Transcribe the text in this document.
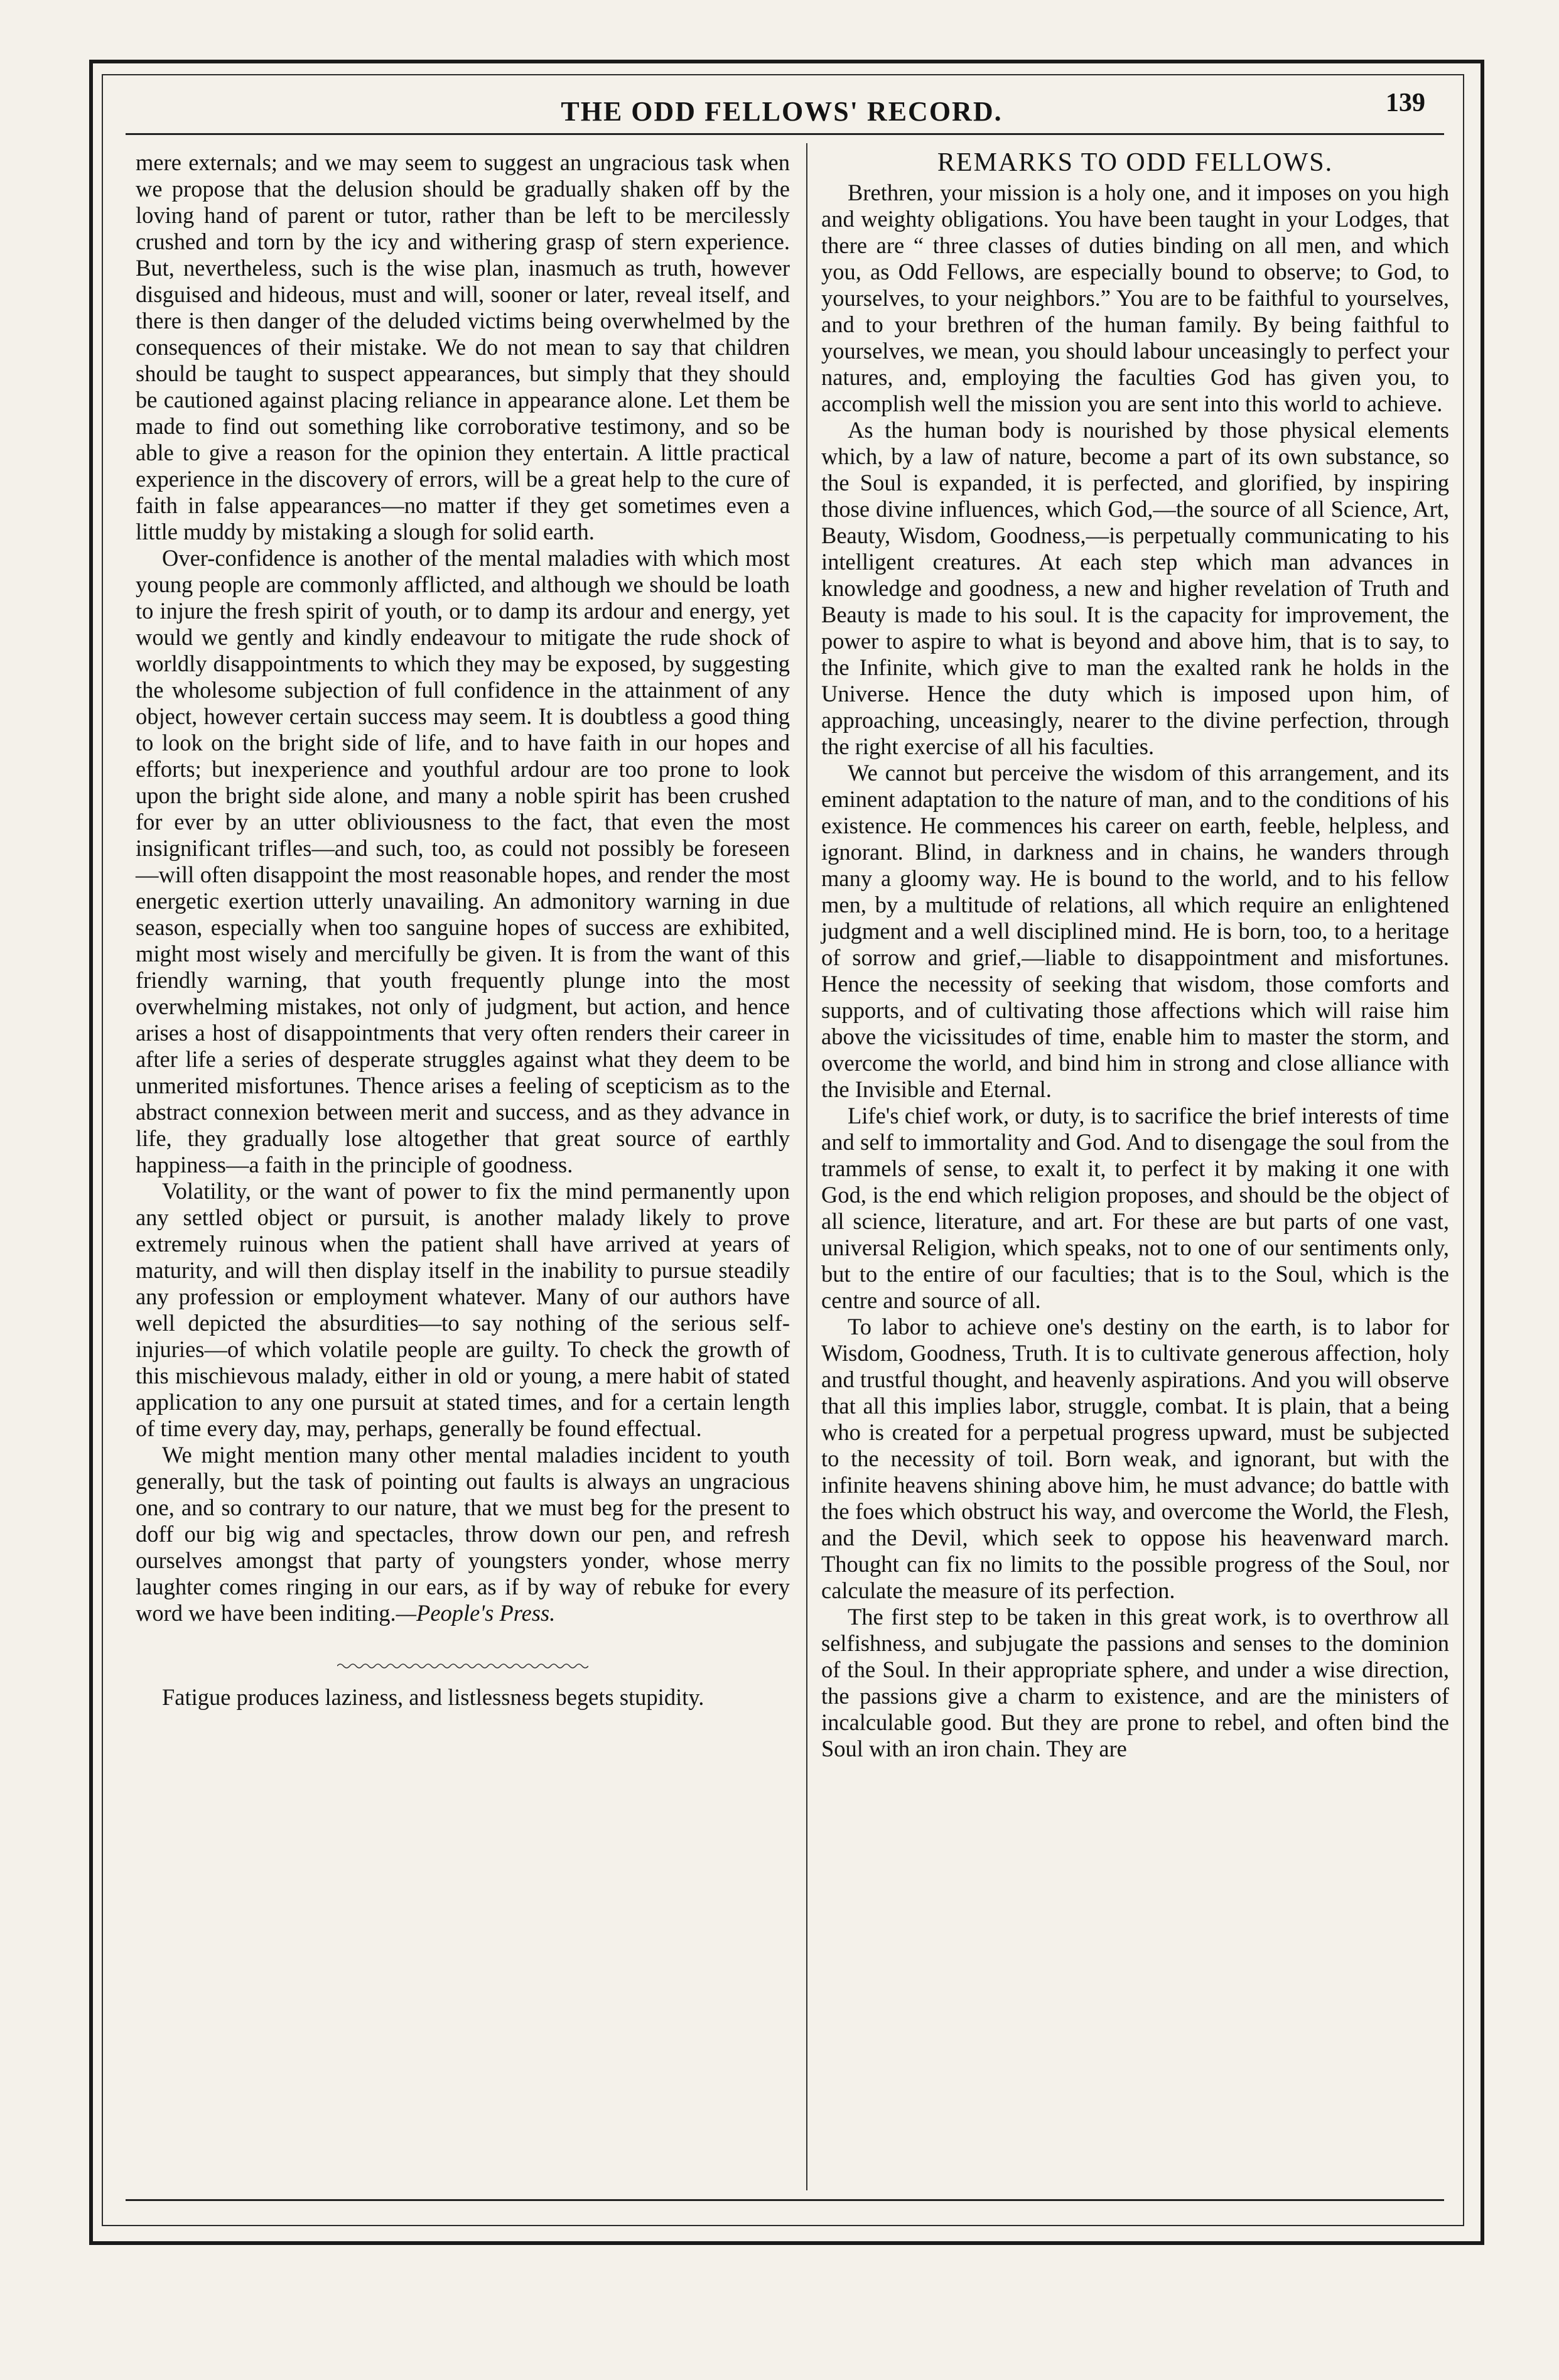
THE ODD FELLOWS' RECORD.	139

mere externals; and we may seem to suggest an ungracious task when we propose that the delusion should be gradually shaken off by the loving hand of parent or tutor, rather than be left to be mercilessly crushed and torn by the icy and withering grasp of stern experience. But, nevertheless, such is the wise plan, inasmuch as truth, however disguised and hideous, must and will, sooner or later, reveal itself, and there is then danger of the deluded victims being overwhelmed by the consequences of their mistake. We do not mean to say that children should be taught to suspect appearances, but simply that they should be cautioned against placing reliance in appearance alone. Let them be made to find out something like corroborative testimony, and so be able to give a reason for the opinion they entertain. A little practical experience in the discovery of errors, will be a great help to the cure of faith in false appearances—no matter if they get sometimes even a little muddy by mistaking a slough for solid earth.

Over-confidence is another of the mental maladies with which most young people are commonly afflicted, and although we should be loath to injure the fresh spirit of youth, or to damp its ardour and energy, yet would we gently and kindly endeavour to mitigate the rude shock of worldly disappointments to which they may be exposed, by suggesting the wholesome subjection of full confidence in the attainment of any object, however certain success may seem. It is doubtless a good thing to look on the bright side of life, and to have faith in our hopes and efforts; but inexperience and youthful ardour are too prone to look upon the bright side alone, and many a noble spirit has been crushed for ever by an utter obliviousness to the fact, that even the most insignificant trifles—and such, too, as could not possibly be foreseen—will often disappoint the most reasonable hopes, and render the most energetic exertion utterly unavailing. An admonitory warning in due season, especially when too sanguine hopes of success are exhibited, might most wisely and mercifully be given. It is from the want of this friendly warning, that youth frequently plunge into the most overwhelming mistakes, not only of judgment, but action, and hence arises a host of disappointments that very often renders their career in after life a series of desperate struggles against what they deem to be unmerited misfortunes. Thence arises a feeling of scepticism as to the abstract connexion between merit and success, and as they advance in life, they gradually lose altogether that great source of earthly happiness—a faith in the principle of goodness.

Volatility, or the want of power to fix the mind permanently upon any settled object or pursuit, is another malady likely to prove extremely ruinous when the patient shall have arrived at years of maturity, and will then display itself in the inability to pursue steadily any profession or employment whatever. Many of our authors have well depicted the absurdities—to say nothing of the serious self-injuries—of which volatile people are guilty. To check the growth of this mischievous malady, either in old or young, a mere habit of stated application to any one pursuit at stated times, and for a certain length of time every day, may, perhaps, generally be found effectual.

We might mention many other mental maladies incident to youth generally, but the task of pointing out faults is always an ungracious one, and so contrary to our nature, that we must beg for the present to doff our big wig and spectacles, throw down our pen, and refresh ourselves amongst that party of youngsters yonder, whose merry laughter comes ringing in our ears, as if by way of rebuke for every word we have been inditing.—People's Press.

Fatigue produces laziness, and listlessness begets stupidity.

REMARKS TO ODD FELLOWS.

Brethren, your mission is a holy one, and it imposes on you high and weighty obligations. You have been taught in your Lodges, that there are “ three classes of duties binding on all men, and which you, as Odd Fellows, are especially bound to observe; to God, to yourselves, to your neighbors.” You are to be faithful to yourselves, and to your brethren of the human family. By being faithful to yourselves, we mean, you should labour unceasingly to perfect your natures, and, employing the faculties God has given you, to accomplish well the mission you are sent into this world to achieve.

As the human body is nourished by those physical elements which, by a law of nature, become a part of its own substance, so the Soul is expanded, it is perfected, and glorified, by inspiring those divine influences, which God,—the source of all Science, Art, Beauty, Wisdom, Goodness,—is perpetually communicating to his intelligent creatures. At each step which man advances in knowledge and goodness, a new and higher revelation of Truth and Beauty is made to his soul. It is the capacity for improvement, the power to aspire to what is beyond and above him, that is to say, to the Infinite, which give to man the exalted rank he holds in the Universe. Hence the duty which is imposed upon him, of approaching, unceasingly, nearer to the divine perfection, through the right exercise of all his faculties.

We cannot but perceive the wisdom of this arrangement, and its eminent adaptation to the nature of man, and to the conditions of his existence. He commences his career on earth, feeble, helpless, and ignorant. Blind, in darkness and in chains, he wanders through many a gloomy way. He is bound to the world, and to his fellow men, by a multitude of relations, all which require an enlightened judgment and a well disciplined mind. He is born, too, to a heritage of sorrow and grief,—liable to disappointment and misfortunes. Hence the necessity of seeking that wisdom, those comforts and supports, and of cultivating those affections which will raise him above the vicissitudes of time, enable him to master the storm, and overcome the world, and bind him in strong and close alliance with the Invisible and Eternal.

Life's chief work, or duty, is to sacrifice the brief interests of time and self to immortality and God. And to disengage the soul from the trammels of sense, to exalt it, to perfect it by making it one with God, is the end which religion proposes, and should be the object of all science, literature, and art. For these are but parts of one vast, universal Religion, which speaks, not to one of our sentiments only, but to the entire of our faculties; that is to the Soul, which is the centre and source of all.

To labor to achieve one's destiny on the earth, is to labor for Wisdom, Goodness, Truth. It is to cultivate generous affection, holy and trustful thought, and heavenly aspirations. And you will observe that all this implies labor, struggle, combat. It is plain, that a being who is created for a perpetual progress upward, must be subjected to the necessity of toil. Born weak, and ignorant, but with the infinite heavens shining above him, he must advance; do battle with the foes which obstruct his way, and overcome the World, the Flesh, and the Devil, which seek to oppose his heavenward march. Thought can fix no limits to the possible progress of the Soul, nor calculate the measure of its perfection.

The first step to be taken in this great work, is to overthrow all selfishness, and subjugate the passions and senses to the dominion of the Soul. In their appropriate sphere, and under a wise direction, the passions give a charm to existence, and are the ministers of incalculable good. But they are prone to rebel, and often bind the Soul with an iron chain. They are
